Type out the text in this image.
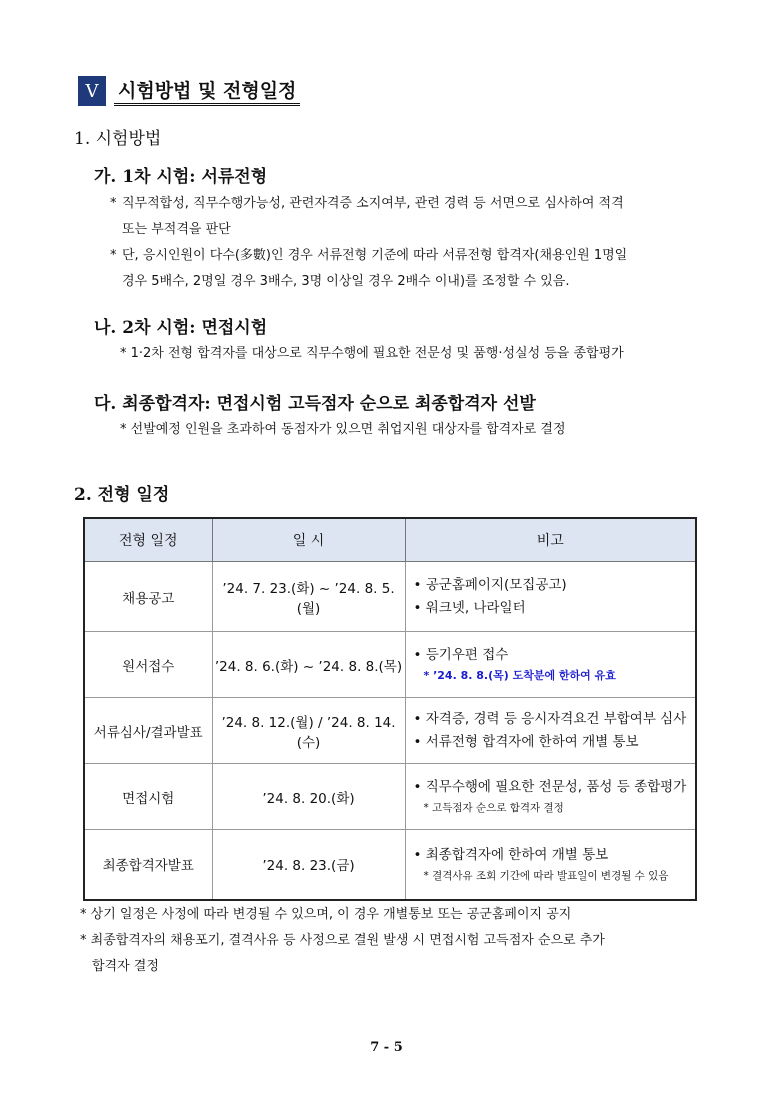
V	시험방법 및 전형일정
1. 시험방법
가. 1차 시험: 서류전형
* 직무적합성, 직무수행가능성, 관련자격증 소지여부, 관련 경력 등 서면으로 심사하여 적격
또는 부적격을 판단
* 단, 응시인원이 다수(多數)인 경우 서류전형 기준에 따라 서류전형 합격자(채용인원 1명일
경우 5배수, 2명일 경우 3배수, 3명 이상일 경우 2배수 이내)를 조정할 수 있음.
나. 2차 시험: 면접시험
* 1·2차 전형 합격자를 대상으로 직무수행에 필요한 전문성 및 품행·성실성 등을 종합평가
다. 최종합격자: 면접시험 고득점자 순으로 최종합격자 선발
* 선발예정 인원을 초과하여 동점자가 있으면 취업지원 대상자를 합격자로 결정
2. 전형 일정
전형 일정	일 시	비고
채용공고	’24. 7. 23.(화) ~ ’24. 8. 5.(월)	• 공군홈페이지(모집공고)
• 워크넷, 나라일터

원서접수	’24. 8. 6.(화) ~ ’24. 8. 8.(목)	• 등기우편 접수
* ’24. 8. 8.(목) 도착분에 한하여 유효

서류심사/결과발표	’24. 8. 12.(월) / ’24. 8. 14.(수)	• 자격증, 경력 등 응시자격요건 부합여부 심사
• 서류전형 합격자에 한하여 개별 통보

면접시험	’24. 8. 20.(화)	• 직무수행에 필요한 전문성, 품성 등 종합평가
* 고득점자 순으로 합격자 결정

최종합격자발표	’24. 8. 23.(금)	• 최종합격자에 한하여 개별 통보
* 결격사유 조회 기간에 따라 발표일이 변경될 수 있음
* 상기 일정은 사정에 따라 변경될 수 있으며, 이 경우 개별통보 또는 공군홈페이지 공지
* 최종합격자의 채용포기, 결격사유 등 사정으로 결원 발생 시 면접시험 고득점자 순으로 추가
합격자 결정
7 - 5
